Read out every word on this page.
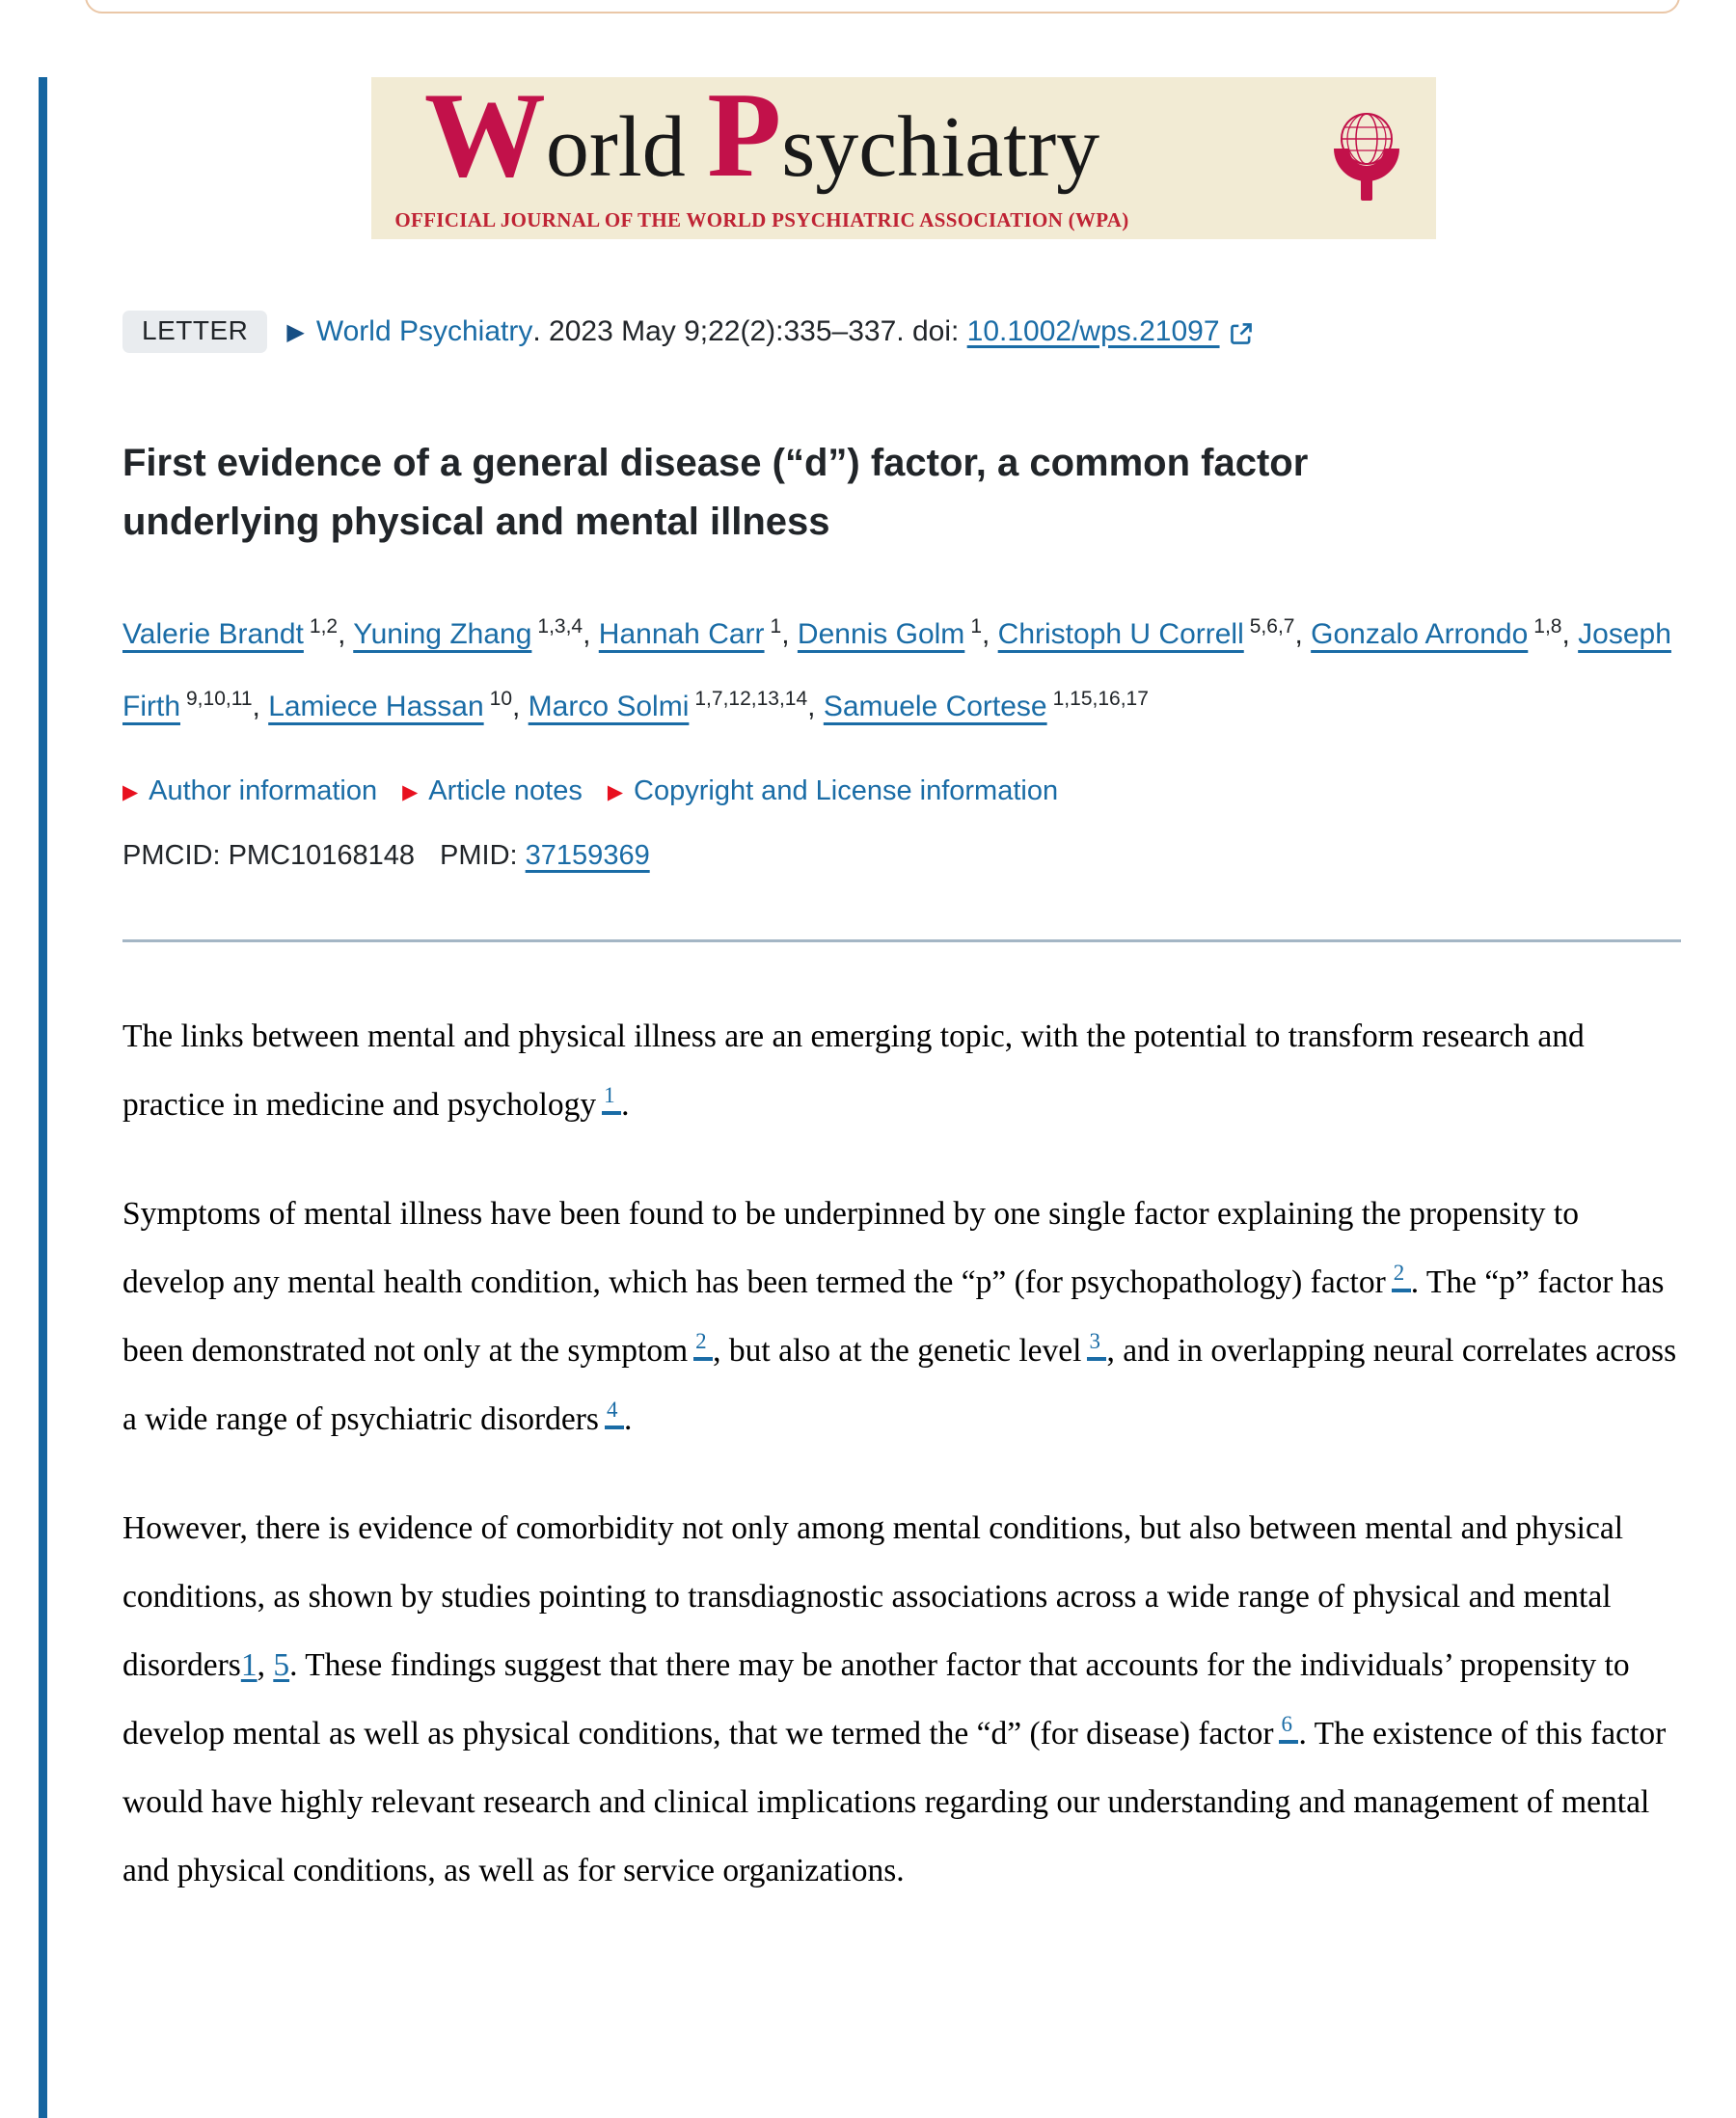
World Psychiatry
OFFICIAL JOURNAL OF THE WORLD PSYCHIATRIC ASSOCIATION (WPA)
LETTER	▶ World Psychiatry . 2023 May 9;22(2):335–337. doi: 10.1002/wps.21097
First evidence of a general disease (“d”) factor, a common factor underlying physical and mental illness
Valerie Brandt $^{1,2}$, Yuning Zhang $^{1,3,4}$, Hannah Carr $^1$, Dennis Golm $^1$, Christoph U Correll $^{5,6,7}$, Gonzalo Arrondo $^{1,8}$, Joseph Firth $^{9,10,11}$, Lamiece Hassan $^{10}$, Marco Solmi $^{1,7,12,13,14}$, Samuele Cortese $^{1,15,16,17}$
▶ Author information ▶ Article notes ▶ Copyright and License information
PMCID: PMC10168148 PMID: 37159369

The links between mental and physical illness are an emerging topic, with the potential to transform research and practice in medicine and psychology 1 .

Symptoms of mental illness have been found to be underpinned by one single factor explaining the propensity to develop any mental health condition, which has been termed the “p” (for psychopathology) factor 2 . The “p” factor has been demonstrated not only at the symptom 2 , but also at the genetic level 3 , and in overlapping neural correlates across a wide range of psychiatric disorders 4 .

However, there is evidence of comorbidity not only among mental conditions, but also between mental and physical conditions, as shown by studies pointing to transdiagnostic associations across a wide range of physical and mental disorders1, 5. These findings suggest that there may be another factor that accounts for the individuals’ propensity to develop mental as well as physical conditions, that we termed the “d” (for disease) factor 6 . The existence of this factor would have highly relevant research and clinical implications regarding our understanding and management of mental and physical conditions, as well as for service organizations.
